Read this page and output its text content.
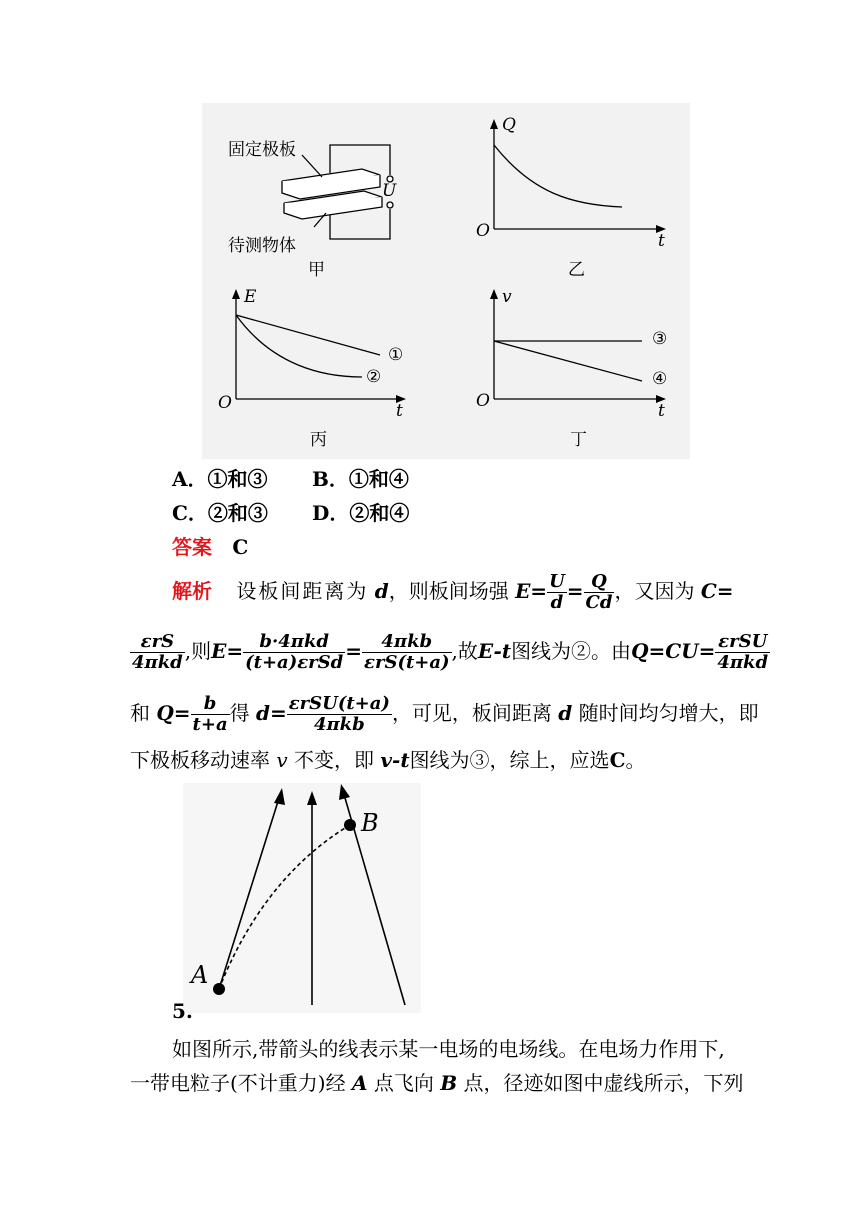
固定极板
待测物体
U
甲
Q
t
O
乙
E
t
O
①
②
丙
v
t
O
③
④
丁
A．①和③ B．①和④
C．②和③ D．②和④
答案 C
解析 设板间距离为 d，则板间场强 $E= \frac{U}{d} = \frac{Q}{Cd}$ ，又因为 C=
$\frac{\text{εrS}}{\text{4πkd}}$ ,则$E= \frac{\text{b·4πkd}}{\text{(t+a)εrSd}} = \frac{\text{4πkb}}{\text{εrS(t+a)}}$ ,故E-t图线为②。由$Q=CU= \frac{\text{εrSU}}{\text{4πkd}}$
和 $Q= \frac{b}{t+a}$ 得 $d= \frac{\text{εrSU(t+a)}}{\text{4πkb}}$ ，可见，板间距离 d 随时间均匀增大，即
下极板移动速率 v 不变，即 v-t图线为③，综上，应选C。
A
B
5.
如图所示,带箭头的线表示某一电场的电场线。在电场力作用下,
一带电粒子(不计重力)经 A 点飞向 B 点，径迹如图中虚线所示，下列
